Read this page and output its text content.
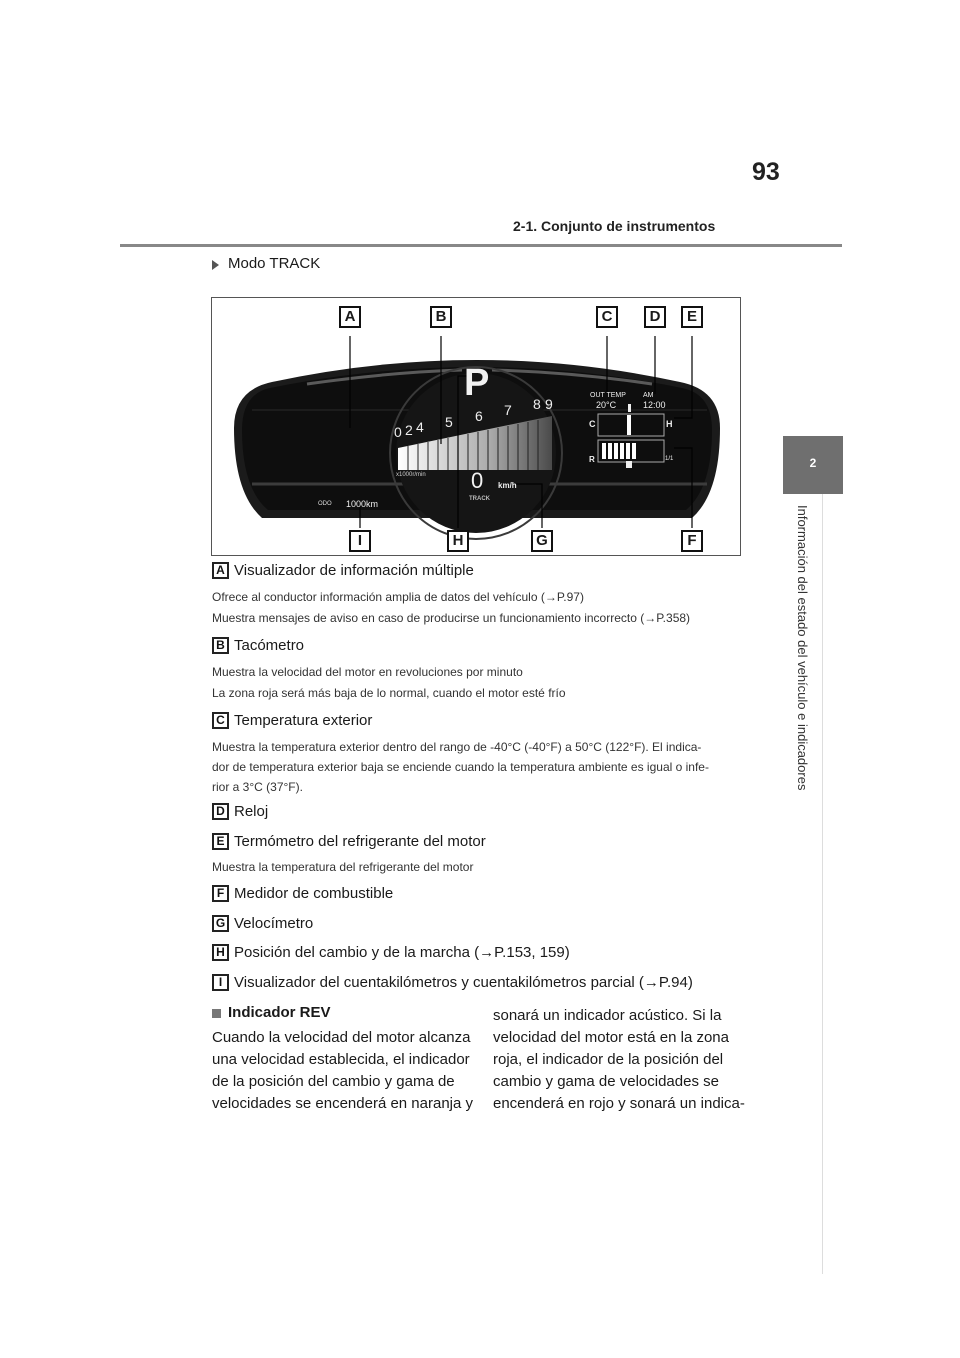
93
2-1. Conjunto de instrumentos
2
Información del estado del vehículo e indicadores
Modo TRACK
P
0 2 4 5 6 7 8 9
x1000r/min 0 km/h
TRACK
ODO 1000km
OUT TEMP
20°C
AM
12:00
C	H
R	1/1
A	B	C	D	E
F
G
H
I
A Visualizador de información múltiple
Ofrece al conductor información amplia de datos del vehículo (→P.97)
Muestra mensajes de aviso en caso de producirse un funcionamiento incorrecto (→P.358)
B Tacómetro
Muestra la velocidad del motor en revoluciones por minuto
La zona roja será más baja de lo normal, cuando el motor esté frío
C Temperatura exterior
Muestra la temperatura exterior dentro del rango de -40°C (-40°F) a 50°C (122°F). El indica-
dor de temperatura exterior baja se enciende cuando la temperatura ambiente es igual o infe-
rior a 3°C (37°F).
D Reloj
E Termómetro del refrigerante del motor
Muestra la temperatura del refrigerante del motor
F Medidor de combustible
G Velocímetro
H Posición del cambio y de la marcha (→P.153, 159)
I Visualizador del cuentakilómetros y cuentakilómetros parcial (→P.94)
Indicador REV

Cuando la velocidad del motor alcanza

una velocidad establecida, el indicador

de la posición del cambio y gama de

velocidades se encenderá en naranja y

sonará un indicador acústico. Si la

velocidad del motor está en la zona

roja, el indicador de la posición del

cambio y gama de velocidades se

encenderá en rojo y sonará un indica-
